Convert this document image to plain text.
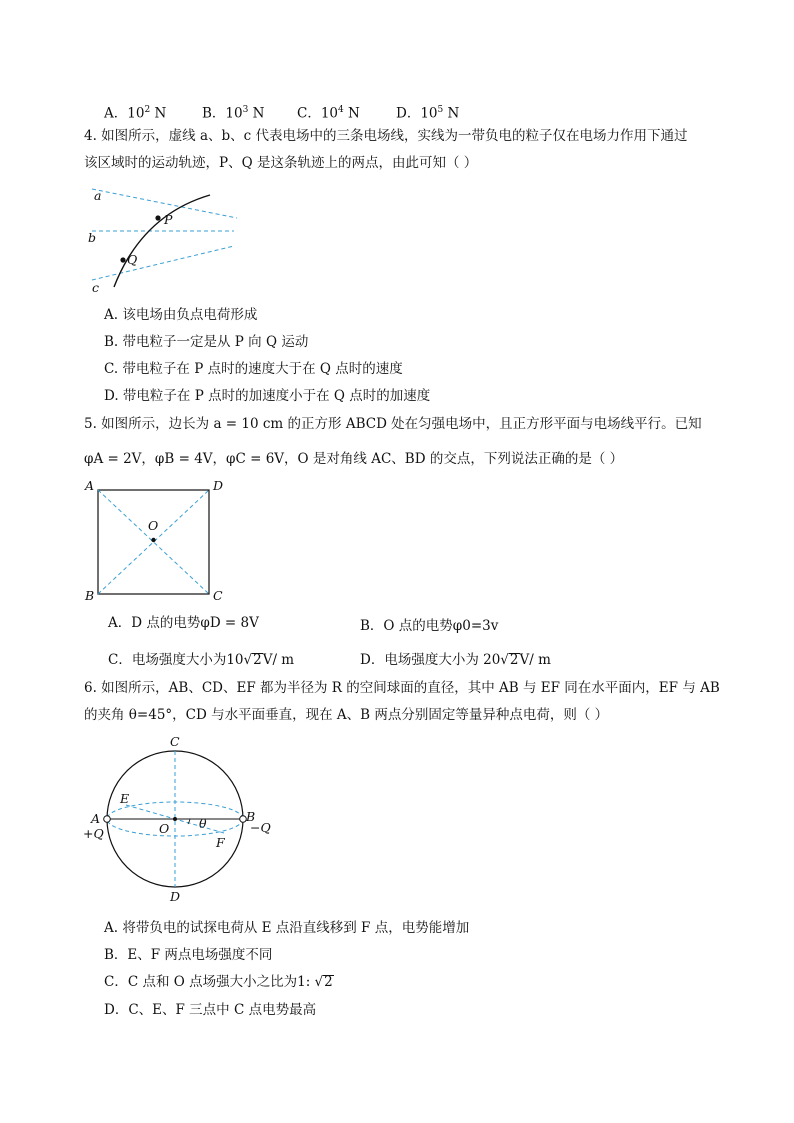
A．$10^2$ N	B．$10^3$ N C．$10^4$ N	D．$10^5$ N
4. 如图所示，虚线 a、b、c 代表电场中的三条电场线，实线为一带负电的粒子仅在电场力作用下通过
该区域时的运动轨迹，P、Q 是这条轨迹上的两点，由此可知（ ）
a
b
c
P
Q
A. 该电场由负点电荷形成
B. 带电粒子一定是从 P 向 Q 运动
C. 带电粒子在 P 点时的速度大于在 Q 点时的速度
D. 带电粒子在 P 点时的加速度小于在 Q 点时的加速度
5. 如图所示，边长为 a = 10 cm 的正方形 ABCD 处在匀强电场中，且正方形平面与电场线平行。已知
φA = 2V，φB = 4V，φC = 6V，O 是对角线 AC、BD 的交点，下列说法正确的是（ ）
A	D
B	C
O
A．D 点的电势φD = 8V	B．O 点的电势φ0=3v
C．电场强度大小为10√2V/ m	D．电场强度大小为 20√2V/ m
6. 如图所示，AB、CD、EF 都为半径为 R 的空间球面的直径，其中 AB 与 EF 同在水平面内，EF 与 AB
的夹角 θ=45°，CD 与水平面垂直，现在 A、B 两点分别固定等量异种点电荷，则（ ）
C
D
E
F
O θ
A
+Q
B
−Q
A. 将带负电的试探电荷从 E 点沿直线移到 F 点，电势能增加
B．E、F 两点电场强度不同
C．C 点和 O 点场强大小之比为1: √2
D．C、E、F 三点中 C 点电势最高
